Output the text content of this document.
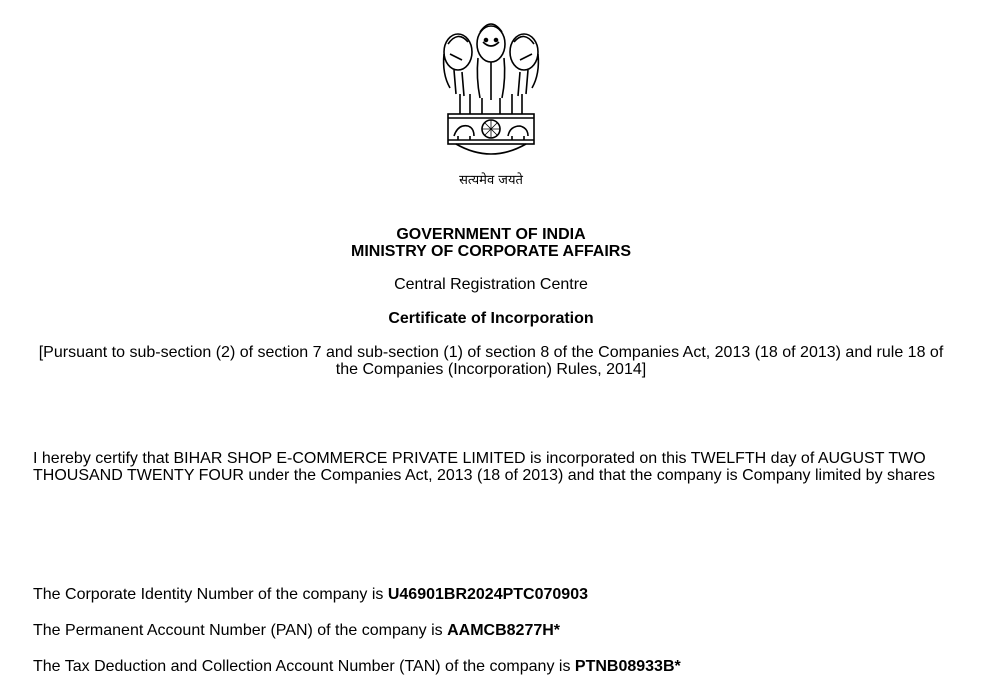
सत्यमेव जयते
GOVERNMENT OF INDIA
MINISTRY OF CORPORATE AFFAIRS
Central Registration Centre
Certificate of Incorporation
[Pursuant to sub-section (2) of section 7 and sub-section (1) of section 8 of the Companies Act, 2013 (18 of 2013) and rule 18 of the Companies (Incorporation) Rules, 2014]
I hereby certify that BIHAR SHOP E-COMMERCE PRIVATE LIMITED is incorporated on this TWELFTH day of AUGUST TWO THOUSAND TWENTY FOUR under the Companies Act, 2013 (18 of 2013) and that the company is Company limited by shares
The Corporate Identity Number of the company is U46901BR2024PTC070903
The Permanent Account Number (PAN) of the company is AAMCB8277H*
The Tax Deduction and Collection Account Number (TAN) of the company is PTNB08933B*
